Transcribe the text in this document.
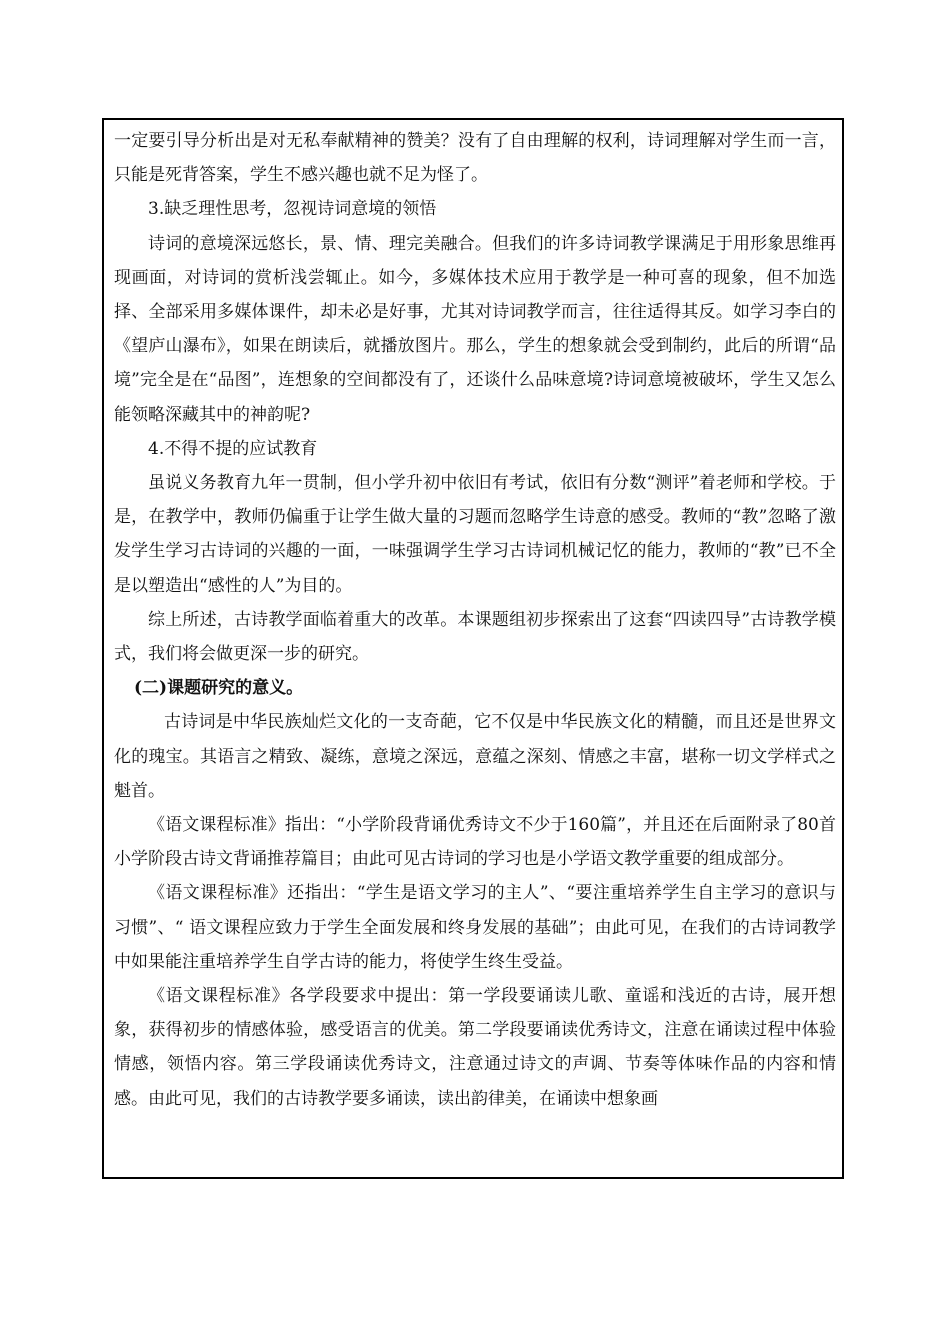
一定要引导分析出是对无私奉献精神的赞美？没有了自由理解的权利，诗词理解对学生而一言，只能是死背答案，学生不感兴趣也就不足为怪了。

3.缺乏理性思考，忽视诗词意境的领悟

诗词的意境深远悠长，景、情、理完美融合。但我们的许多诗词教学课满足于用形象思维再现画面，对诗词的赏析浅尝辄止。如今，多媒体技术应用于教学是一种可喜的现象，但不加选择、全部采用多媒体课件，却未必是好事，尤其对诗词教学而言，往往适得其反。如学习李白的《望庐山瀑布》，如果在朗读后，就播放图片。那么，学生的想象就会受到制约，此后的所谓“品境”完全是在“品图”，连想象的空间都没有了，还谈什么品味意境?诗词意境被破坏，学生又怎么能领略深藏其中的神韵呢?

4.不得不提的应试教育

虽说义务教育九年一贯制，但小学升初中依旧有考试，依旧有分数“测评”着老师和学校。于是，在教学中，教师仍偏重于让学生做大量的习题而忽略学生诗意的感受。教师的“教”忽略了激发学生学习古诗词的兴趣的一面，一味强调学生学习古诗词机械记忆的能力，教师的“教”已不全是以塑造出“感性的人”为目的。

综上所述，古诗教学面临着重大的改革。本课题组初步探索出了这套“四读四导”古诗教学模式，我们将会做更深一步的研究。

(二)课题研究的意义。

古诗词是中华民族灿烂文化的一支奇葩，它不仅是中华民族文化的精髓，而且还是世界文化的瑰宝。其语言之精致、凝练，意境之深远，意蕴之深刻、情感之丰富，堪称一切文学样式之魁首。

《语文课程标准》指出：“小学阶段背诵优秀诗文不少于160篇”，并且还在后面附录了80首小学阶段古诗文背诵推荐篇目；由此可见古诗词的学习也是小学语文教学重要的组成部分。

《语文课程标准》还指出：“学生是语文学习的主人”、“要注重培养学生自主学习的意识与习惯”、“ 语文课程应致力于学生全面发展和终身发展的基础”；由此可见，在我们的古诗词教学中如果能注重培养学生自学古诗的能力，将使学生终生受益。

《语文课程标准》各学段要求中提出：第一学段要诵读儿歌、童谣和浅近的古诗，展开想象，获得初步的情感体验，感受语言的优美。第二学段要诵读优秀诗文，注意在诵读过程中体验情感，领悟内容。第三学段诵读优秀诗文，注意通过诗文的声调、节奏等体味作品的内容和情感。由此可见，我们的古诗教学要多诵读，读出韵律美，在诵读中想象画
